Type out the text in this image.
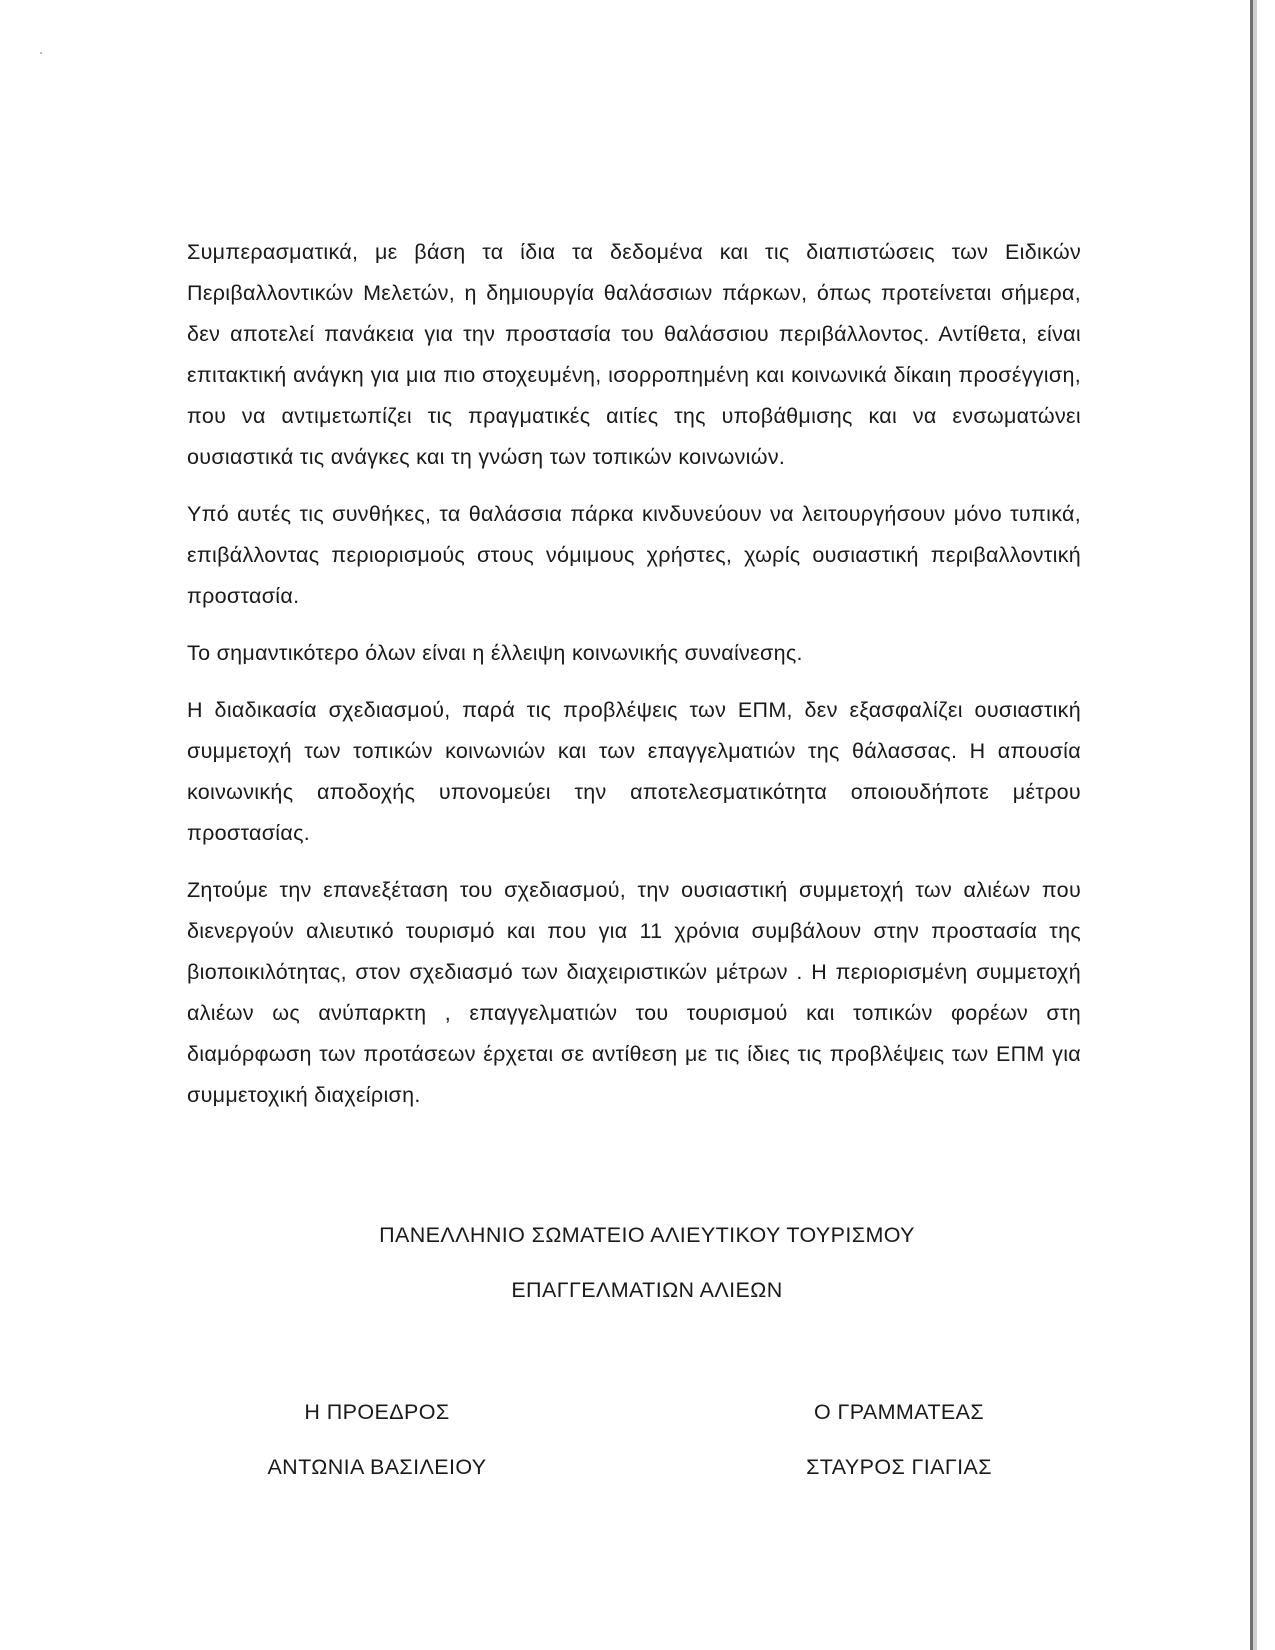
Συμπερασματικά, με βάση τα ίδια τα δεδομένα και τις διαπιστώσεις των Ειδικών Περιβαλλοντικών Μελετών, η δημιουργία θαλάσσιων πάρκων, όπως προτείνεται σήμερα, δεν αποτελεί πανάκεια για την προστασία του θαλάσσιου περιβάλλοντος. Αντίθετα, είναι επιτακτική ανάγκη για μια πιο στοχευμένη, ισορροπημένη και κοινωνικά δίκαιη προσέγγιση, που να αντιμετωπίζει τις πραγματικές αιτίες της υποβάθμισης και να ενσωματώνει ουσιαστικά τις ανάγκες και τη γνώση των τοπικών κοινωνιών.

Υπό αυτές τις συνθήκες, τα θαλάσσια πάρκα κινδυνεύουν να λειτουργήσουν μόνο τυπικά, επιβάλλοντας περιορισμούς στους νόμιμους χρήστες, χωρίς ουσιαστική περιβαλλοντική προστασία.

Το σημαντικότερο όλων είναι η έλλειψη κοινωνικής συναίνεσης.

Η διαδικασία σχεδιασμού, παρά τις προβλέψεις των ΕΠΜ, δεν εξασφαλίζει ουσιαστική συμμετοχή των τοπικών κοινωνιών και των επαγγελματιών της θάλασσας. Η απουσία κοινωνικής αποδοχής υπονομεύει την αποτελεσματικότητα οποιουδήποτε μέτρου προστασίας.

Ζητούμε την επανεξέταση του σχεδιασμού, την ουσιαστική συμμετοχή των αλιέων που διενεργούν αλιευτικό τουρισμό και που για 11 χρόνια συμβάλουν στην προστασία της βιοποικιλότητας, στον σχεδιασμό των διαχειριστικών μέτρων . Η περιορισμένη συμμετοχή αλιέων ως ανύπαρκτη , επαγγελματιών του τουρισμού και τοπικών φορέων στη διαμόρφωση των προτάσεων έρχεται σε αντίθεση με τις ίδιες τις προβλέψεις των ΕΠΜ για συμμετοχική διαχείριση.

ΠΑΝΕΛΛΗΝΙΟ ΣΩΜΑΤΕΙΟ ΑΛΙΕΥΤΙΚΟΥ ΤΟΥΡΙΣΜΟΥ
ΕΠΑΓΓΕΛΜΑΤΙΩΝ ΑΛΙΕΩΝ
Η ΠΡΟΕΔΡΟΣ
ΑΝΤΩΝΙΑ ΒΑΣΙΛΕΙΟΥ
Ο ΓΡΑΜΜΑΤΕΑΣ
ΣΤΑΥΡΟΣ ΓΙΑΓΙΑΣ
